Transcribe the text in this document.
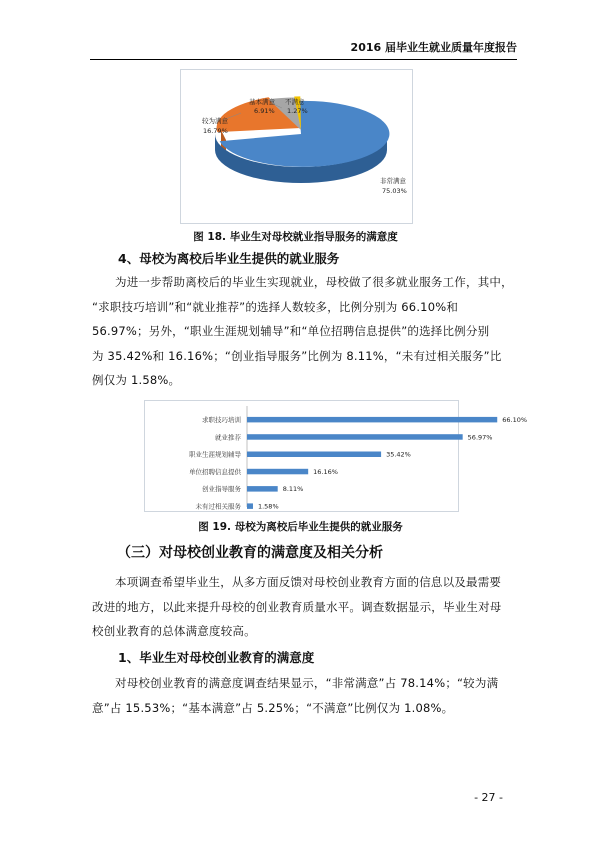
2016 届毕业生就业质量年度报告
基本满意
6.91%
不满意
1.27%
较为满意
16.79%
非常满意
75.03%
图 18. 毕业生对母校就业指导服务的满意度
4、母校为离校后毕业生提供的就业服务
为进一步帮助离校后的毕业生实现就业，母校做了很多就业服务工作，其中，
“求职技巧培训”和“就业推荐”的选择人数较多，比例分别为 66.10%和
56.97%；另外，“职业生涯规划辅导”和“单位招聘信息提供”的选择比例分别
为 35.42%和 16.16%；“创业指导服务”比例为 8.11%，“未有过相关服务”比
例仅为 1.58%。
求职技巧培训	66.10%
就业推荐	56.97%
职业生涯规划辅导	35.42%
单位招聘信息提供	16.16%
创业指导服务	8.11%
未有过相关服务	1.58%
图 19. 母校为离校后毕业生提供的就业服务
（三）对母校创业教育的满意度及相关分析
本项调查希望毕业生，从多方面反馈对母校创业教育方面的信息以及最需要
改进的地方，以此来提升母校的创业教育质量水平。调查数据显示，毕业生对母
校创业教育的总体满意度较高。
1、毕业生对母校创业教育的满意度
对母校创业教育的满意度调查结果显示，“非常满意”占 78.14%；“较为满
意”占 15.53%；“基本满意”占 5.25%；“不满意”比例仅为 1.08%。
- 27 -
